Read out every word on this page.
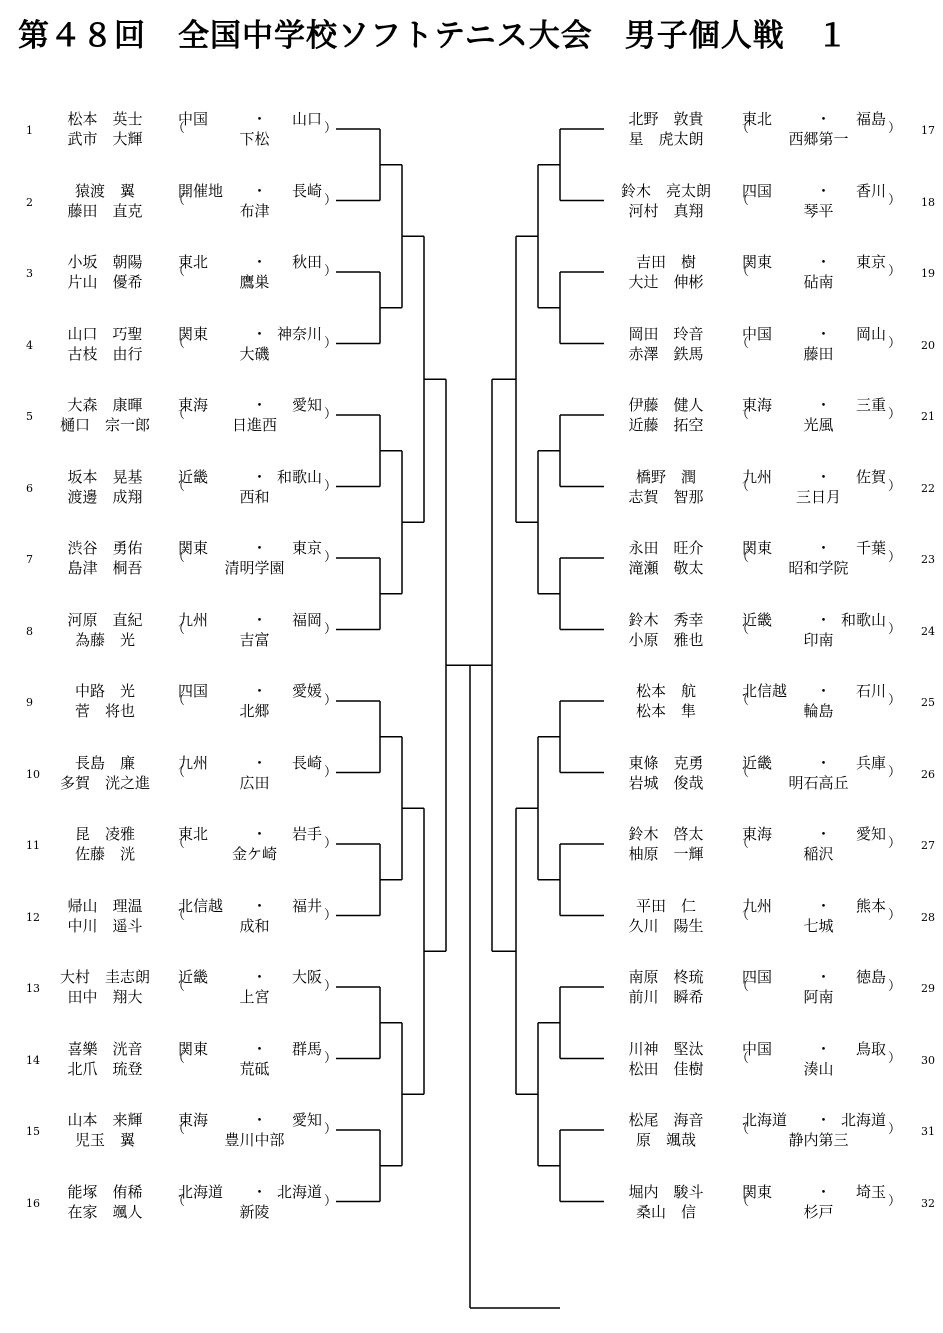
第４８回　全国中学校ソフトテニス大会　男子個人戦　１
1
松本　英士
武市　大輝
（
中国	・ 山口
）
下松
2
猿渡　翼
藤田　直克
（
開催地 ・ 長崎
）
布津
3
小坂　朝陽
片山　優希
（
東北	・ 秋田
）
鷹巣
4
山口　巧聖
古枝　由行
（
関東	・ 神奈川
）
大磯
5
大森　康暉
樋口　宗一郎
（
東海	・ 愛知
）
日進西
6
坂本　晃基
渡邊　成翔
（
近畿	・ 和歌山
）
西和
7
渋谷　勇佑
島津　桐吾
（
関東	・ 東京
）
清明学園
8
河原　直紀
為藤　光
（
九州	・ 福岡
）
吉富
9
中路　光
菅　将也
（
四国	・ 愛媛
）
北郷
10
長島　廉
多賀　洸之進
（
九州	・ 長崎
）
広田
11
昆　凌雅
佐藤　洸
（
東北	・ 岩手
）
金ケ崎
12
帰山　理温
中川　遥斗
（
北信越 ・ 福井
）
成和
13
大村　圭志朗
田中　翔大
（
近畿	・ 大阪
）
上宮
14
喜樂　洸音
北爪　琉登
（
関東	・ 群馬
）
荒砥
15
山本　来輝
児玉　翼
（
東海	・ 愛知
）
豊川中部
16
能塚　侑稀
在家　颯人
（
北海道 ・ 北海道
）
新陵
17
北野　敦貴
星　虎太朗
（
東北	・ 福島
）
西郷第一
18
鈴木　亮太朗
河村　真翔
（
四国	・ 香川
）
琴平
19
吉田　樹
大辻　伸彬
（
関東	・ 東京
）
砧南
20
岡田　玲音
赤澤　鉄馬
（
中国	・ 岡山
）
藤田
21
伊藤　健人
近藤　拓空
（
東海	・ 三重
）
光風
22
橋野　潤
志賀　智那
（
九州	・ 佐賀
）
三日月
23
永田　旺介
滝瀬　敬太
（
関東	・ 千葉
）
昭和学院
24
鈴木　秀幸
小原　雅也
（
近畿	・ 和歌山
）
印南
25
松本　航
松本　隼
（
北信越 ・ 石川
）
輪島
26
東條　克勇
岩城　俊哉
（
近畿	・ 兵庫
）
明石高丘
27
鈴木　啓太
柚原　一輝
（
東海	・ 愛知
）
稲沢
28
平田　仁
久川　陽生
（
九州	・ 熊本
）
七城
29
南原　柊琉
前川　瞬希
（
四国	・ 徳島
）
阿南
30
川神　堅汰
松田　佳樹
（
中国	・ 鳥取
）
湊山
31
松尾　海音
原　颯哉
（
北海道 ・ 北海道
）
静内第三
32
堀内　駿斗
桑山　信
（
関東	・ 埼玉
）
杉戸
